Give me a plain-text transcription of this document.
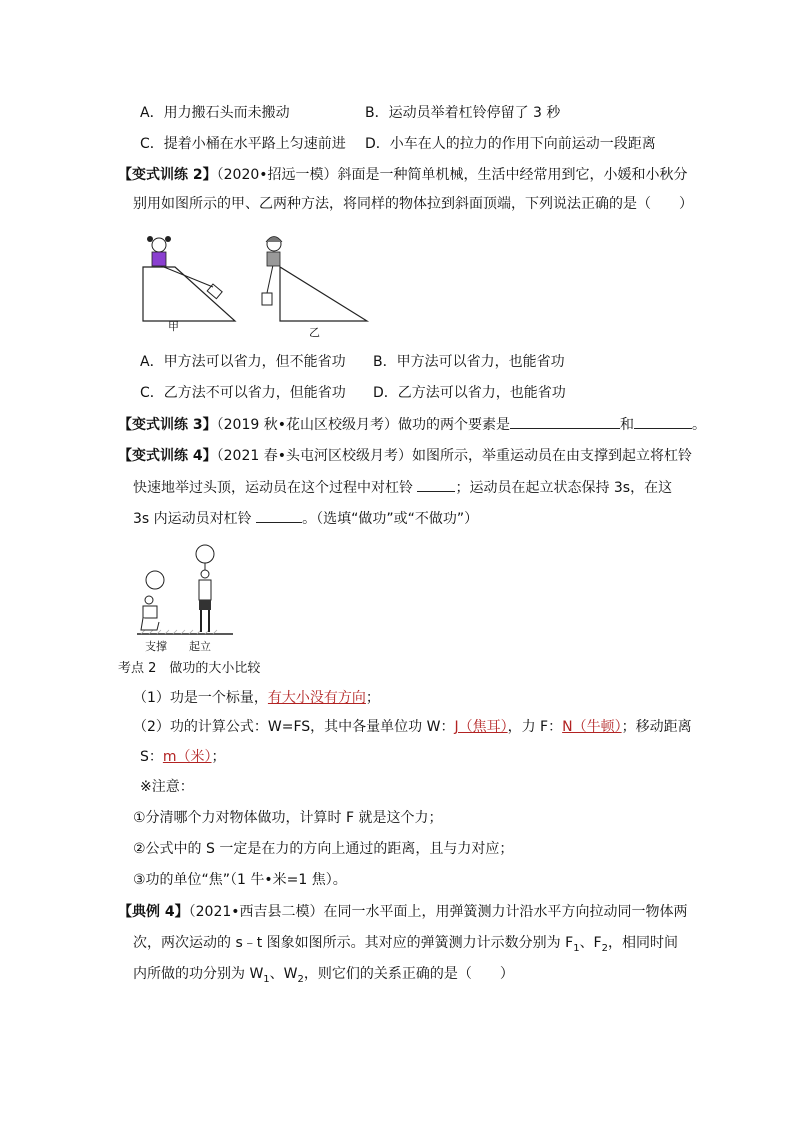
A．用力搬石头而未搬动	B．运动员举着杠铃停留了 3 秒
C．提着小桶在水平路上匀速前进 D．小车在人的拉力的作用下向前运动一段距离
【变式训练 2】（2020•招远一模）斜面是一种简单机械，生活中经常用到它，小媛和小秋分
别用如图所示的甲、乙两种方法，将同样的物体拉到斜面顶端，下列说法正确的是（　　）
甲	乙
A．甲方法可以省力，但不能省功 B．甲方法可以省力，也能省功
C．乙方法不可以省力，但能省功 D．乙方法可以省力，也能省功
【变式训练 3】（2019 秋•花山区校级月考）做功的两个要素是	和	。
【变式训练 4】（2021 春•头屯河区校级月考）如图所示，举重运动员在由支撑到起立将杠铃
快速地举过头顶，运动员在这个过程中对杠铃	；运动员在起立状态保持 3s，在这
3s 内运动员对杠铃	。（选填“做功”或“不做功”）
支撑 起立
考点 2　做功的大小比较
（1）功是一个标量，有大小没有方向；
（2）功的计算公式：W=FS，其中各量单位功 W：J（焦耳），力 F：N（牛顿）；移动距离
S：m（米）；
※注意：
①分清哪个力对物体做功，计算时 F 就是这个力；
②公式中的 S 一定是在力的方向上通过的距离，且与力对应；
③功的单位“焦”（1 牛•米=1 焦）。
【典例 4】（2021•西吉县二模）在同一水平面上，用弹簧测力计沿水平方向拉动同一物体两
次，两次运动的 s﹣t 图象如图所示。其对应的弹簧测力计示数分别为 $F_1$、$F_2$，相同时间
内所做的功分别为 $W_1$、$W_2$，则它们的关系正确的是（　　）
